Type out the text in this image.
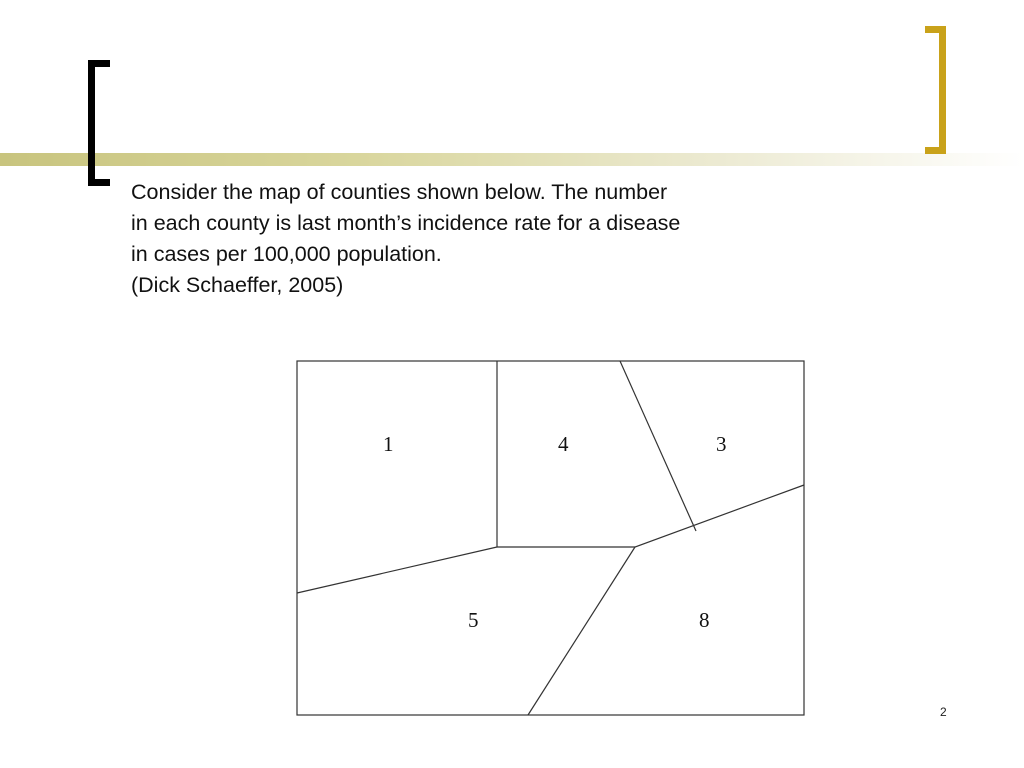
Consider the map of counties shown below. The number
in each county is last month’s incidence rate for a disease
in cases per 100,000 population.
(Dick Schaeffer, 2005)
1	4	3
5	8
2
